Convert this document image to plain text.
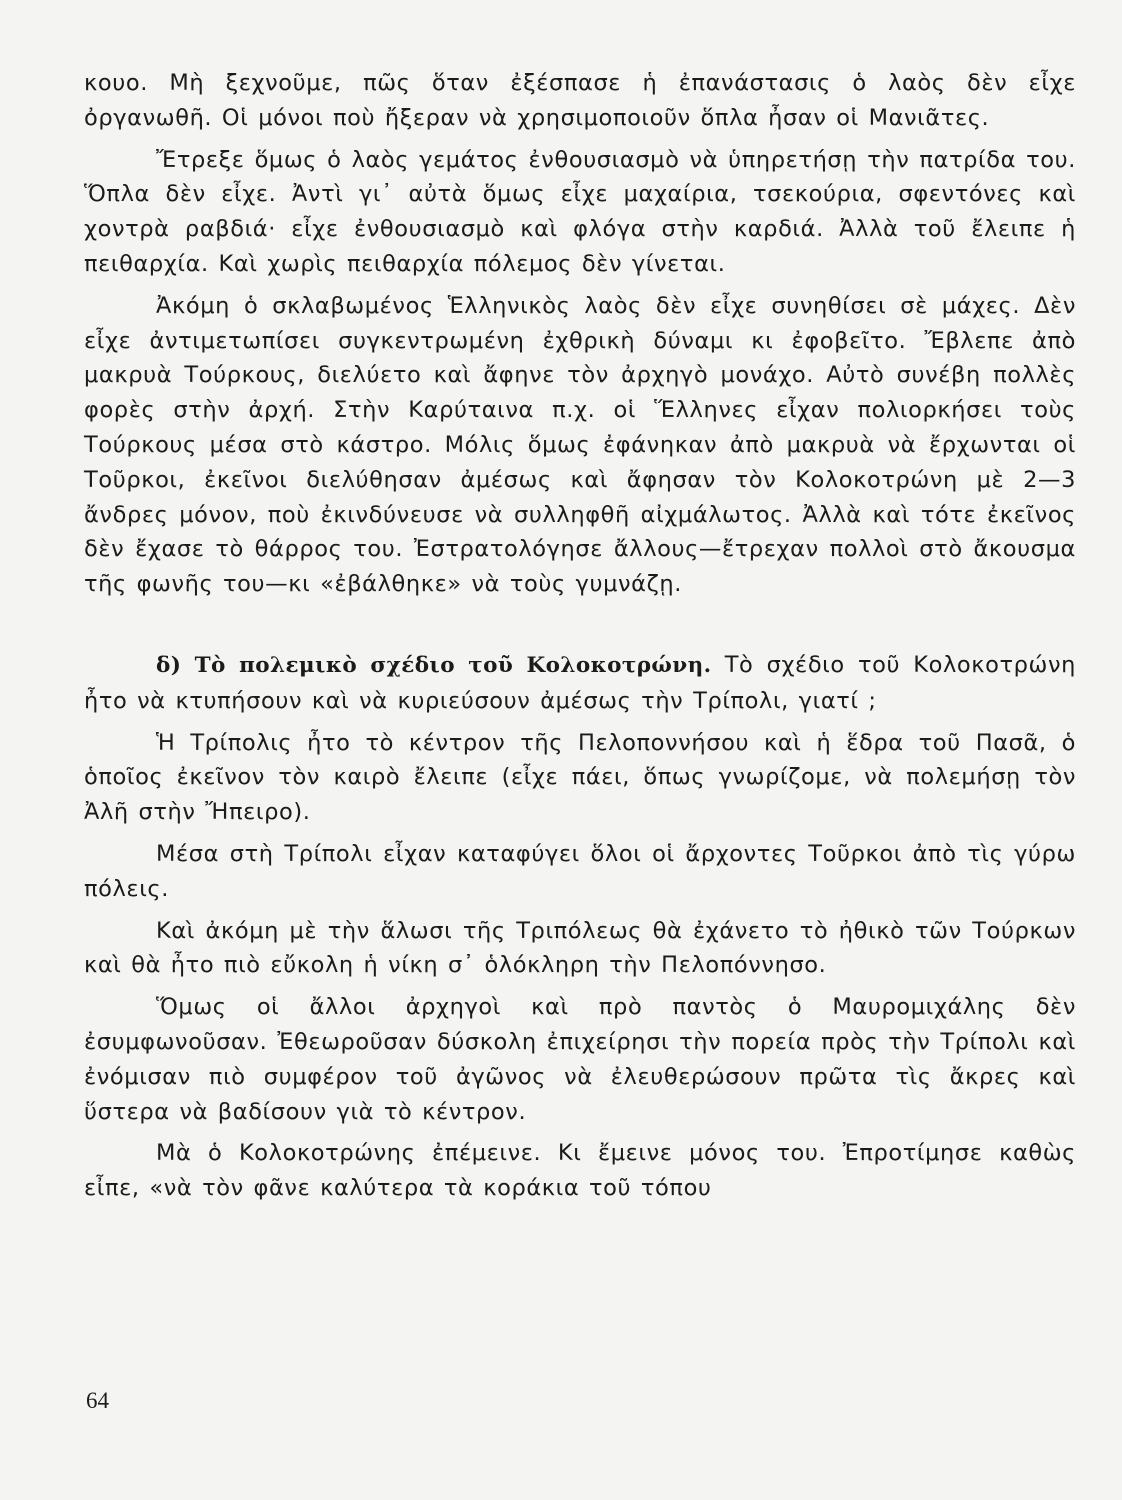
κουο. Μὴ ξεχνοῦμε, πῶς ὅταν ἐξέσπασε ἡ ἐπανάστασις ὁ λαὸς δὲν εἶχε ὀργανωθῆ. Οἱ μόνοι ποὺ ἤξεραν νὰ χρησιμοποιοῦν ὅπλα ἦσαν οἱ Μανιᾶτες.

Ἔτρεξε ὅμως ὁ λαὸς γεμάτος ἐνθουσιασμὸ νὰ ὑπηρετήσῃ τὴν πατρίδα του. Ὅπλα δὲν εἶχε. Ἀντὶ γι᾽ αὐτὰ ὅμως εἶχε μαχαίρια, τσεκούρια, σφεντόνες καὶ χοντρὰ ραβδιά· εἶχε ἐνθουσιασμὸ καὶ φλόγα στὴν καρδιά. Ἀλλὰ τοῦ ἔλειπε ἡ πειθαρχία. Καὶ χωρὶς πειθαρχία πόλεμος δὲν γίνεται.

Ἀκόμη ὁ σκλαβωμένος Ἑλληνικὸς λαὸς δὲν εἶχε συνηθίσει σὲ μάχες. Δὲν εἶχε ἀντιμετωπίσει συγκεντρωμένη ἐχθρικὴ δύναμι κι ἐφοβεῖτο. Ἔβλεπε ἀπὸ μακρυὰ Τούρκους, διελύετο καὶ ἄφηνε τὸν ἀρχηγὸ μονάχο. Αὐτὸ συνέβη πολλὲς φορὲς στὴν ἀρχή. Στὴν Καρύταινα π.χ. οἱ Ἕλληνες εἶχαν πολιορκήσει τοὺς Τούρκους μέσα στὸ κάστρο. Μόλις ὅμως ἐφάνηκαν ἀπὸ μακρυὰ νὰ ἔρχωνται οἱ Τοῦρκοι, ἐκεῖνοι διελύθησαν ἀμέσως καὶ ἄφησαν τὸν Κολοκοτρώνη μὲ 2—3 ἄνδρες μόνον, ποὺ ἐκινδύνευσε νὰ συλληφθῆ αἰχμάλωτος. Ἀλλὰ καὶ τότε ἐκεῖνος δὲν ἔχασε τὸ θάρρος του. Ἐστρατολόγησε ἄλλους—ἔτρεχαν πολλοὶ στὸ ἄκουσμα τῆς φωνῆς του—κι «ἐβάλθηκε» νὰ τοὺς γυμνάζῃ.

δ) Τὸ πολεμικὸ σχέδιο τοῦ Κολοκοτρώνη. Τὸ σχέδιο τοῦ Κολοκοτρώνη ἦτο νὰ κτυπήσουν καὶ νὰ κυριεύσουν ἀμέσως τὴν Τρίπολι, γιατί ;

Ἡ Τρίπολις ἦτο τὸ κέντρον τῆς Πελοποννήσου καὶ ἡ ἕδρα τοῦ Πασᾶ, ὁ ὁποῖος ἐκεῖνον τὸν καιρὸ ἔλειπε (εἶχε πάει, ὅπως γνωρίζομε, νὰ πολεμήσῃ τὸν Ἀλῆ στὴν Ἤπειρο).

Μέσα στὴ Τρίπολι εἶχαν καταφύγει ὅλοι οἱ ἄρχοντες Τοῦρκοι ἀπὸ τὶς γύρω πόλεις.

Καὶ ἀκόμη μὲ τὴν ἅλωσι τῆς Τριπόλεως θὰ ἐχάνετο τὸ ἠθικὸ τῶν Τούρκων καὶ θὰ ἦτο πιὸ εὔκολη ἡ νίκη σ᾽ ὁλόκληρη τὴν Πελοπόννησο.

Ὅμως οἱ ἄλλοι ἀρχηγοὶ καὶ πρὸ παντὸς ὁ Μαυρομιχάλης δὲν ἐσυμφωνοῦσαν. Ἐθεωροῦσαν δύσκολη ἐπιχείρησι τὴν πορεία πρὸς τὴν Τρίπολι καὶ ἐνόμισαν πιὸ συμφέρον τοῦ ἀγῶνος νὰ ἐλευθερώσουν πρῶτα τὶς ἄκρες καὶ ὕστερα νὰ βαδίσουν γιὰ τὸ κέντρον.

Μὰ ὁ Κολοκοτρώνης ἐπέμεινε. Κι ἔμεινε μόνος του. Ἐπροτίμησε καθὼς εἶπε, «νὰ τὸν φᾶνε καλύτερα τὰ κοράκια τοῦ τόπου

64
